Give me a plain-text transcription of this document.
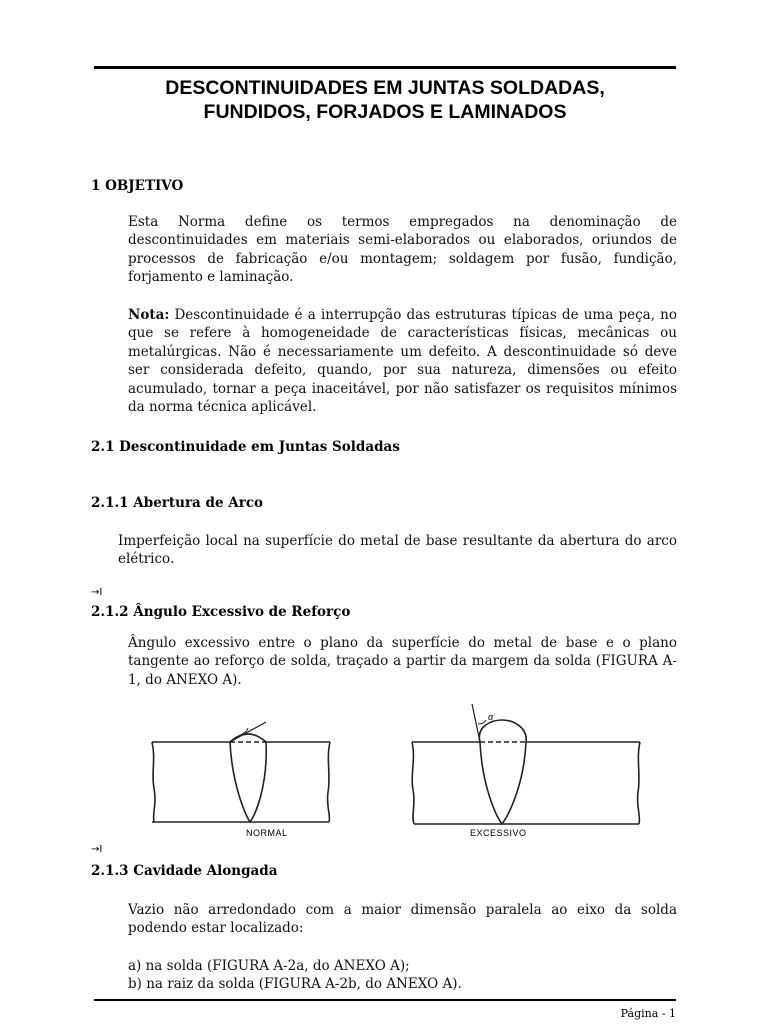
DESCONTINUIDADES EM JUNTAS SOLDADAS,
FUNDIDOS, FORJADOS E LAMINADOS
1 OBJETIVO
Esta Norma define os termos empregados na denominação de descontinuidades em materiais semi-elaborados ou elaborados, oriundos de processos de fabricação e/ou montagem; soldagem por fusão, fundição, forjamento e laminação.
Nota: Descontinuidade é a interrupção das estruturas típicas de uma peça, no que se refere à homogeneidade de características físicas, mecânicas ou metalúrgicas. Não é necessariamente um defeito. A descontinuidade só deve ser considerada defeito, quando, por sua natureza, dimensões ou efeito acumulado, tornar a peça inaceitável, por não satisfazer os requisitos mínimos da norma técnica aplicável.
2.1 Descontinuidade em Juntas Soldadas
2.1.1 Abertura de Arco
Imperfeição local na superfície do metal de base resultante da abertura do arco elétrico.
→I
2.1.2 Ângulo Excessivo de Reforço
Ângulo excessivo entre o plano da superfície do metal de base e o plano tangente ao reforço de solda, traçado a partir da margem da solda (FIGURA A-1, do ANEXO A).
α
NORMAL	EXCESSIVO
→I
2.1.3 Cavidade Alongada
Vazio não arredondado com a maior dimensão paralela ao eixo da solda podendo estar localizado:
a) na solda (FIGURA A-2a, do ANEXO A);
b) na raiz da solda (FIGURA A-2b, do ANEXO A).
Página - 1
